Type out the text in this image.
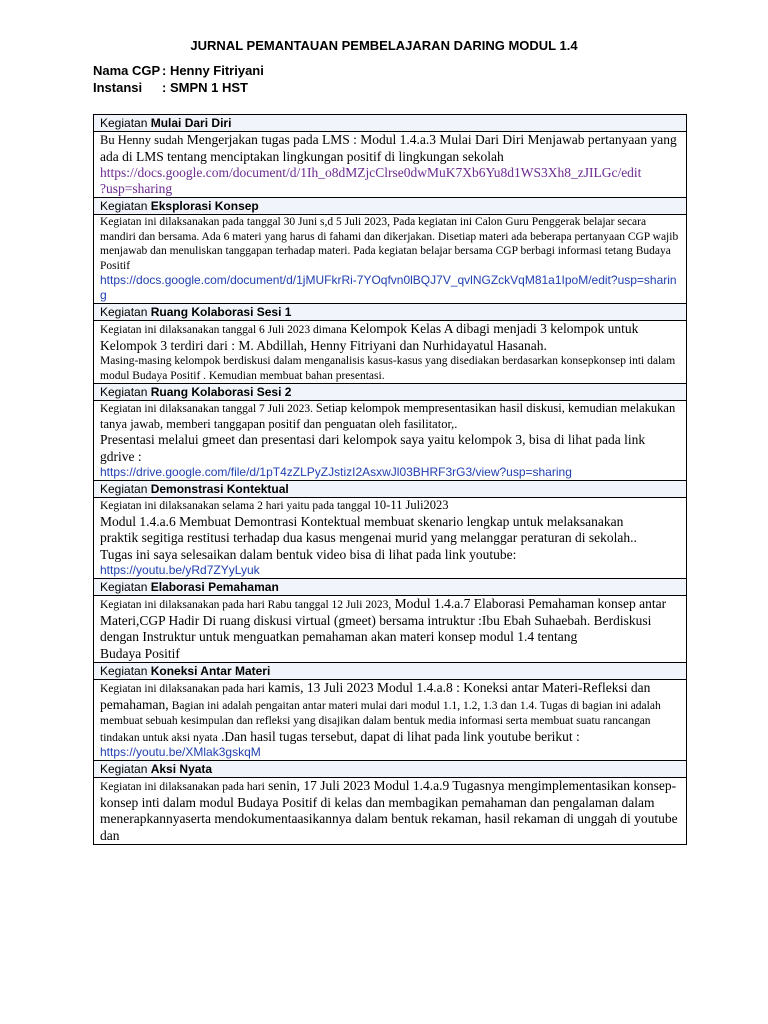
JURNAL PEMANTAUAN PEMBELAJARAN DARING MODUL 1.4
Nama CGP : Henny Fitriyani
Instansi : SMPN 1 HST
Kegiatan Mulai Dari Diri

Bu Henny sudah Mengerjakan tugas pada LMS : Modul 1.4.a.3 Mulai Dari Diri Menjawab pertanyaan yang ada di LMS tentang menciptakan lingkungan positif di lingkungan sekolah

https://docs.google.com/document/d/1Ih_o8dMZjcClrse0dwMuK7Xb6Yu8d1WS3Xh8_zJILGc/edit

?usp=sharing

Kegiatan Eksplorasi Konsep

Kegiatan ini dilaksanakan pada tanggal 30 Juni s,d 5 Juli 2023, Pada kegiatan ini Calon Guru Penggerak belajar secara mandiri dan bersama. Ada 6 materi yang harus di fahami dan dikerjakan. Disetiap materi ada beberapa pertanyaan CGP wajib menjawab dan menuliskan tanggapan terhadap materi. Pada kegiatan belajar bersama CGP berbagi informasi tetang Budaya Positif

https://docs.google.com/document/d/1jMUFkrRi-7YOqfvn0lBQJ7V_qvlNGZckVqM81a1IpoM/edit?usp=sharing

Kegiatan Ruang Kolaborasi Sesi 1

Kegiatan ini dilaksanakan tanggal 6 Juli 2023 dimana Kelompok Kelas A dibagi menjadi 3 kelompok untuk Kelompok 3 terdiri dari : M. Abdillah, Henny Fitriyani dan Nurhidayatul Hasanah.

Masing-masing kelompok berdiskusi dalam menganalisis kasus-kasus yang disediakan berdasarkan konsepkonsep inti dalam modul Budaya Positif . Kemudian membuat bahan presentasi.

Kegiatan Ruang Kolaborasi Sesi 2

Kegiatan ini dilaksanakan tanggal 7 Juli 2023. Setiap kelompok mempresentasikan hasil diskusi, kemudian melakukan tanya jawab, memberi tanggapan positif dan penguatan oleh fasilitator,.

Presentasi melalui gmeet dan presentasi dari kelompok saya yaitu kelompok 3, bisa di lihat pada link gdrive :

https://drive.google.com/file/d/1pT4zZLPyZJstizI2AsxwJl03BHRF3rG3/view?usp=sharing

Kegiatan Demonstrasi Kontektual

Kegiatan ini dilaksanakan selama 2 hari yaitu pada tanggal 10-11 Juli2023

Modul 1.4.a.6 Membuat Demontrasi Kontektual membuat skenario lengkap untuk melaksanakan

praktik segitiga restitusi terhadap dua kasus mengenai murid yang melanggar peraturan di sekolah..

Tugas ini saya selesaikan dalam bentuk video bisa di lihat pada link youtube:

https://youtu.be/yRd7ZYyLyuk

Kegiatan Elaborasi Pemahaman

Kegiatan ini dilaksanakan pada hari Rabu tanggal 12 Juli 2023, Modul 1.4.a.7 Elaborasi Pemahaman konsep antar Materi,CGP Hadir Di ruang diskusi virtual (gmeet) bersama intruktur :Ibu Ebah Suhaebah. Berdiskusi dengan Instruktur untuk menguatkan pemahaman akan materi konsep modul 1.4 tentang

Budaya Positif

Kegiatan Koneksi Antar Materi

Kegiatan ini dilaksanakan pada hari kamis, 13 Juli 2023 Modul 1.4.a.8 : Koneksi antar Materi-Refleksi dan pemahaman, Bagian ini adalah pengaitan antar materi mulai dari modul 1.1, 1.2, 1.3 dan 1.4. Tugas di bagian ini adalah membuat sebuah kesimpulan dan refleksi yang disajikan dalam bentuk media informasi serta membuat suatu rancangan tindakan untuk aksi nyata .Dan hasil tugas tersebut, dapat di lihat pada link youtube berikut :

https://youtu.be/XMlak3gskqM

Kegiatan Aksi Nyata

Kegiatan ini dilaksanakan pada hari senin, 17 Juli 2023 Modul 1.4.a.9 Tugasnya mengimplementasikan konsep-konsep inti dalam modul Budaya Positif di kelas dan membagikan pemahaman dan pengalaman dalam menerapkannyaserta mendokumentaasikannya dalam bentuk rekaman, hasil rekaman di unggah di youtube dan
